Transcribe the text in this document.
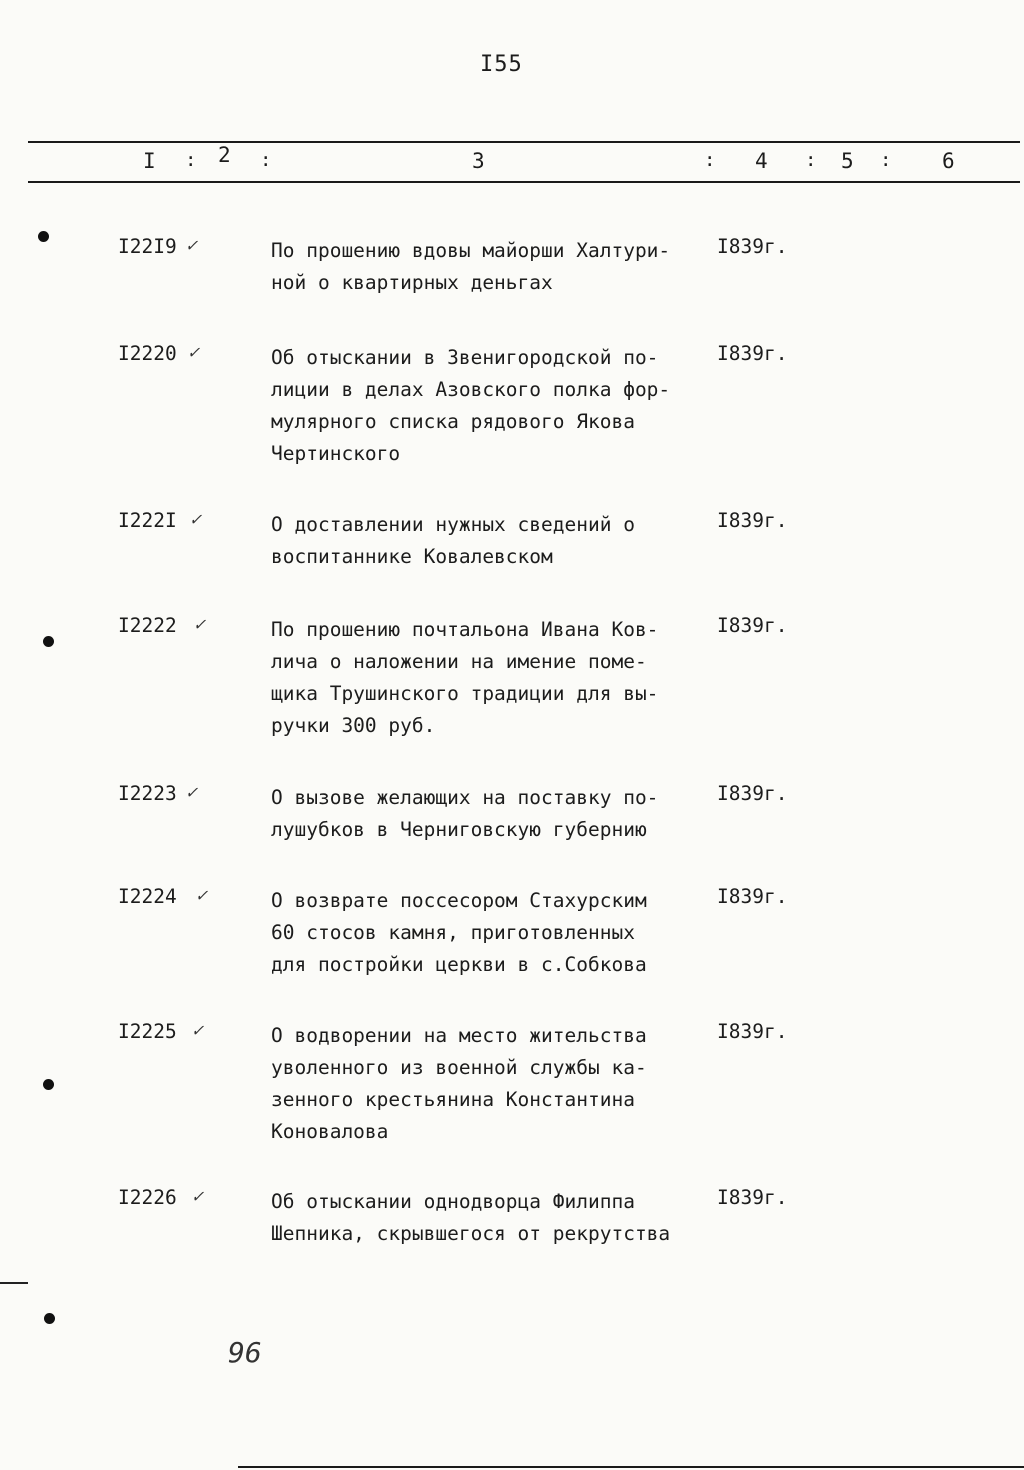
I55
I : 2 :	3	: 4 : 5 : 6
I22I9 ✓	По прошению вдовы майорши Халтури-
ной о квартирных деньгах
I839г.
I2220 ✓	Об отыскании в Звенигородской по-
лиции в делах Азовского полка фор-
мулярного списка рядового Якова
Чертинского
I839г.
I222I ✓	О доставлении нужных сведений о
воспитаннике Ковалевском
I839г.
I2222 ✓	По прошению почтальона Ивана Ков-
лича о наложении на имение поме-
щика Трушинского традиции для вы-
ручки 300 руб.
I839г.
I2223 ✓	О вызове желающих на поставку по-
лушубков в Черниговскую губернию
I839г.
I2224 ✓	О возврате поссесором Стахурским
60 стосов камня, приготовленных
для постройки церкви в с.Собкова
I839г.
I2225 ✓	О водворении на место жительства
уволенного из военной службы ка-
зенного крестьянина Константина
Коновалова
I839г.
I2226 ✓	Об отыскании однодворца Филиппа
Шепника, скрывшегося от рекрутства
I839г.
96
